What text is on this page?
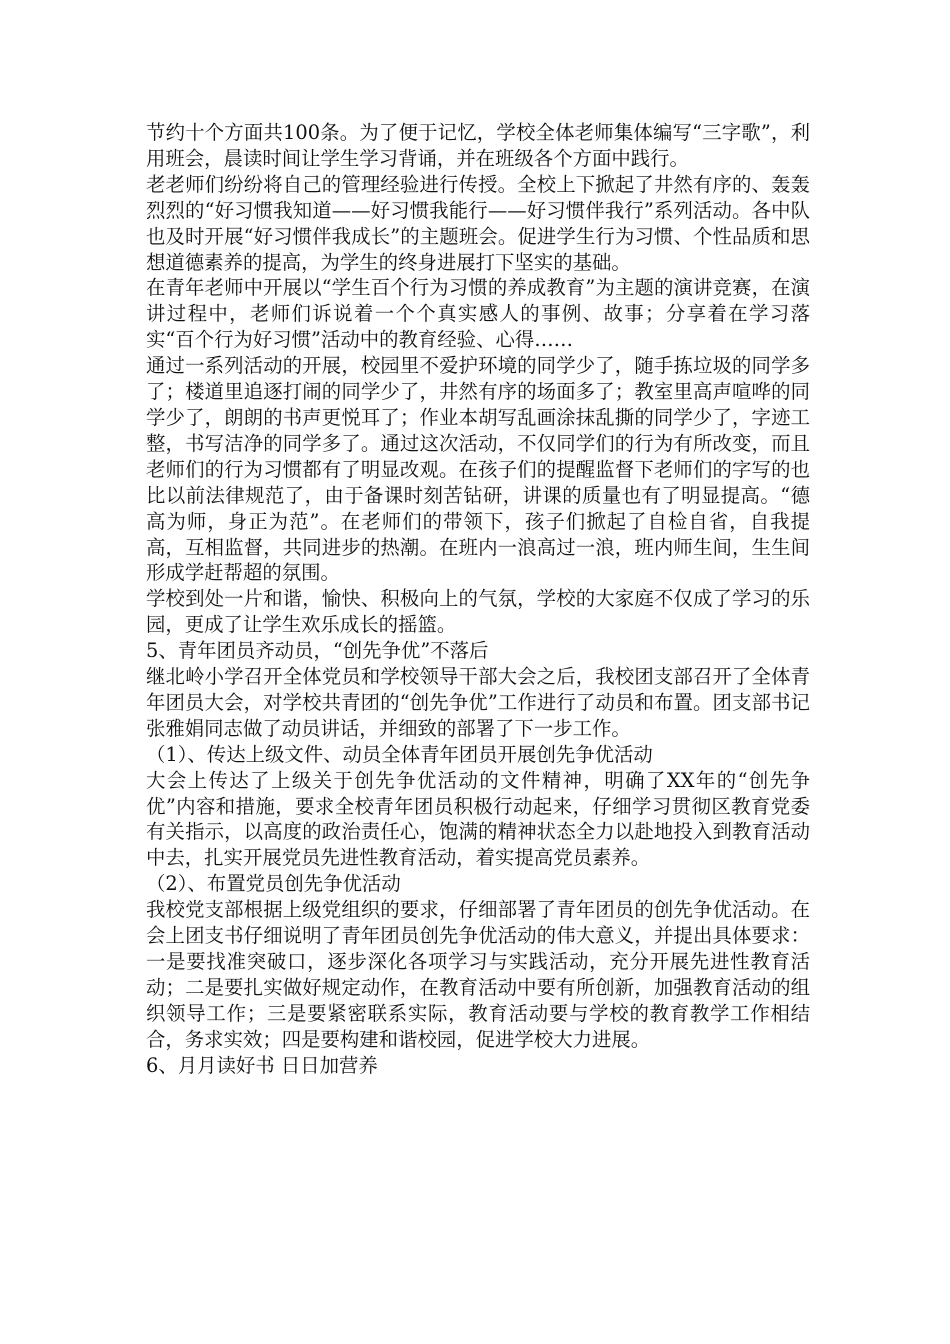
节约十个方面共100条。为了便于记忆，学校全体老师集体编写“三字歌”，利用班会，晨读时间让学生学习背诵，并在班级各个方面中践行。

老老师们纷纷将自己的管理经验进行传授。全校上下掀起了井然有序的、轰轰烈烈的“好习惯我知道——好习惯我能行——好习惯伴我行”系列活动。各中队也及时开展“好习惯伴我成长”的主题班会。促进学生行为习惯、个性品质和思想道德素养的提高，为学生的终身进展打下坚实的基础。

在青年老师中开展以“学生百个行为习惯的养成教育”为主题的演讲竞赛，在演讲过程中，老师们诉说着一个个真实感人的事例、故事；分享着在学习落实“百个行为好习惯”活动中的教育经验、心得……

通过一系列活动的开展，校园里不爱护环境的同学少了，随手拣垃圾的同学多了；楼道里追逐打闹的同学少了，井然有序的场面多了；教室里高声喧哗的同学少了，朗朗的书声更悦耳了；作业本胡写乱画涂抹乱撕的同学少了，字迹工整，书写洁净的同学多了。通过这次活动，不仅同学们的行为有所改变，而且老师们的行为习惯都有了明显改观。在孩子们的提醒监督下老师们的字写的也比以前法律规范了，由于备课时刻苦钻研，讲课的质量也有了明显提高。“德高为师，身正为范”。在老师们的带领下，孩子们掀起了自检自省，自我提高，互相监督，共同进步的热潮。在班内一浪高过一浪，班内师生间，生生间形成学赶帮超的氛围。

学校到处一片和谐，愉快、积极向上的气氛，学校的大家庭不仅成了学习的乐园，更成了让学生欢乐成长的摇篮。

5、青年团员齐动员，“创先争优”不落后

继北岭小学召开全体党员和学校领导干部大会之后，我校团支部召开了全体青年团员大会，对学校共青团的“创先争优”工作进行了动员和布置。团支部书记张雅娟同志做了动员讲话，并细致的部署了下一步工作。

（1）、传达上级文件、动员全体青年团员开展创先争优活动

大会上传达了上级关于创先争优活动的文件精神，明确了XX年的“创先争优”内容和措施，要求全校青年团员积极行动起来，仔细学习贯彻区教育党委有关指示，以高度的政治责任心，饱满的精神状态全力以赴地投入到教育活动中去，扎实开展党员先进性教育活动，着实提高党员素养。

（2）、布置党员创先争优活动

我校党支部根据上级党组织的要求，仔细部署了青年团员的创先争优活动。在会上团支书仔细说明了青年团员创先争优活动的伟大意义，并提出具体要求：一是要找准突破口，逐步深化各项学习与实践活动，充分开展先进性教育活动；二是要扎实做好规定动作，在教育活动中要有所创新，加强教育活动的组织领导工作；三是要紧密联系实际，教育活动要与学校的教育教学工作相结合，务求实效；四是要构建和谐校园，促进学校大力进展。

6、月月读好书 日日加营养
